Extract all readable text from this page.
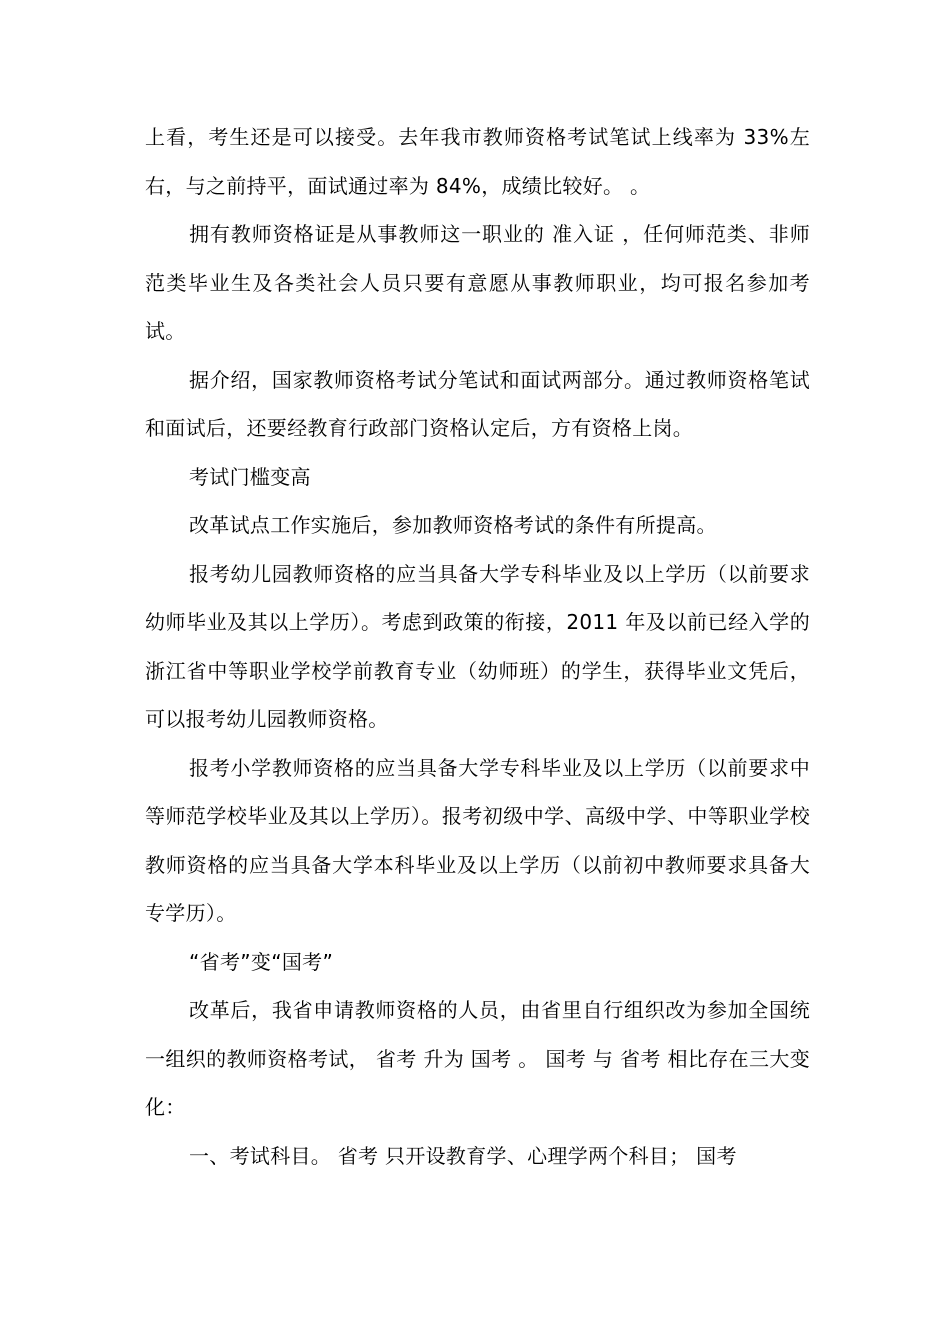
上看，考生还是可以接受。去年我市教师资格考试笔试上线率为 33%左右，与之前持平，面试通过率为 84%，成绩比较好。 。

拥有教师资格证是从事教师这一职业的 准入证 ，任何师范类、非师范类毕业生及各类社会人员只要有意愿从事教师职业，均可报名参加考试。

据介绍，国家教师资格考试分笔试和面试两部分。通过教师资格笔试和面试后，还要经教育行政部门资格认定后，方有资格上岗。

考试门槛变高

改革试点工作实施后，参加教师资格考试的条件有所提高。

报考幼儿园教师资格的应当具备大学专科毕业及以上学历（以前要求幼师毕业及其以上学历）。考虑到政策的衔接，2011 年及以前已经入学的浙江省中等职业学校学前教育专业（幼师班）的学生，获得毕业文凭后，可以报考幼儿园教师资格。

报考小学教师资格的应当具备大学专科毕业及以上学历（以前要求中等师范学校毕业及其以上学历）。报考初级中学、高级中学、中等职业学校教师资格的应当具备大学本科毕业及以上学历（以前初中教师要求具备大专学历）。

“省考”变“国考”

改革后，我省申请教师资格的人员，由省里自行组织改为参加全国统一组织的教师资格考试， 省考 升为 国考 。 国考 与 省考 相比存在三大变化：

一、考试科目。 省考 只开设教育学、心理学两个科目； 国考
